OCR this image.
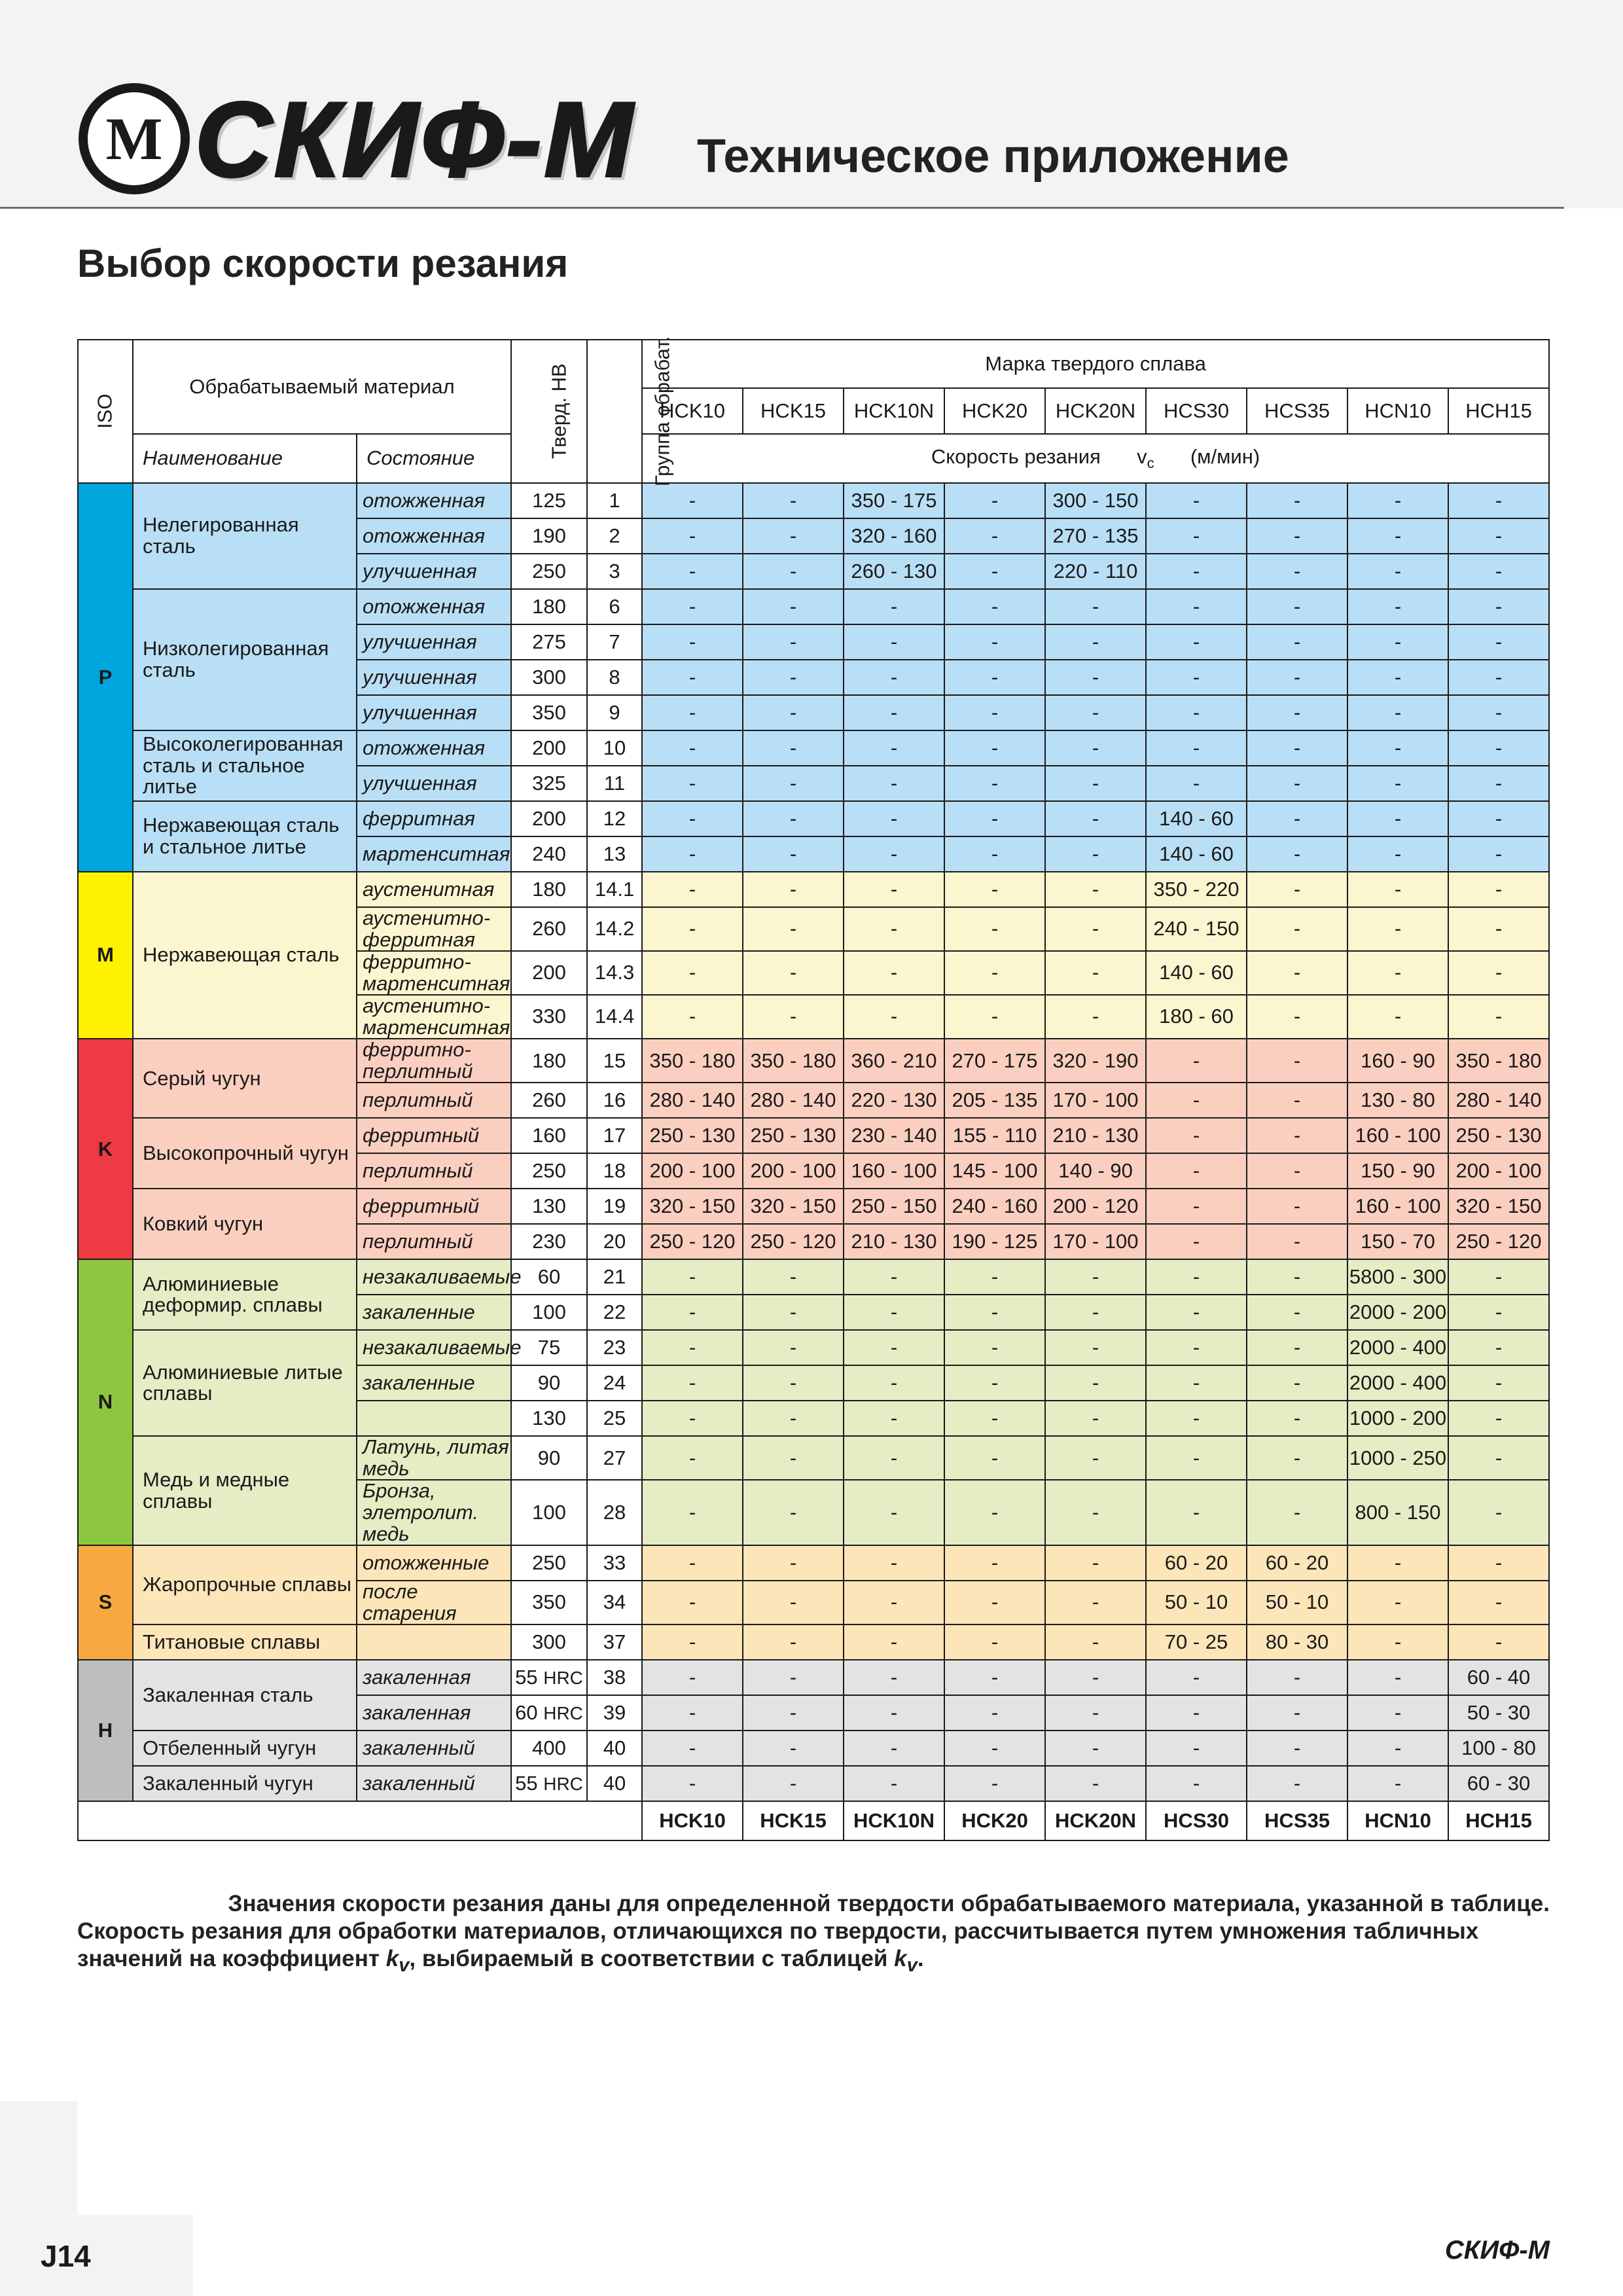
M СКИФ-М Техническое приложение
Выбор скорости резания
ISO	Обрабатываемый материал		Тверд. HB	Группа обрабат.	Марка твердого сплава								
					HCK10	HCK15	HCK10N	HCK20	HCK20N	HCS30	HCS35	HCN10	HCH15
	Наименование	Состояние			Скорость резания $v_c$ (м/мин)								
P	Нелегированная сталь	отожженная	125	1	-	-	350 - 175	-	300 - 150	-	-	-	-
		отожженная	190	2	-	-	320 - 160	-	270 - 135	-	-	-	-
		улучшенная	250	3	-	-	260 - 130	-	220 - 110	-	-	-	-
	Низколегированная сталь	отожженная	180	6	-	-	-	-	-	-	-	-	-
		улучшенная	275	7	-	-	-	-	-	-	-	-	-
		улучшенная	300	8	-	-	-	-	-	-	-	-	-
		улучшенная	350	9	-	-	-	-	-	-	-	-	-
	Высоколегированная сталь и стальное литье	отожженная	200	10	-	-	-	-	-	-	-	-	-
		улучшенная	325	11	-	-	-	-	-	-	-	-	-
	Нержавеющая сталь и стальное литье	ферритная	200	12	-	-	-	-	-	140 - 60	-	-	-
		мартенситная	240	13	-	-	-	-	-	140 - 60	-	-	-
M	Нержавеющая сталь	аустенитная	180	14.1	-	-	-	-	-	350 - 220	-	-	-
		аустенитно-ферритная	260	14.2	-	-	-	-	-	240 - 150	-	-	-
		ферритно-мартенситная	200	14.3	-	-	-	-	-	140 - 60	-	-	-
		аустенитно-мартенситная	330	14.4	-	-	-	-	-	180 - 60	-	-	-
K	Серый чугун	ферритно-перлитный	180	15	350 - 180	350 - 180	360 - 210	270 - 175	320 - 190	-	-	160 - 90	350 - 180
		перлитный	260	16	280 - 140	280 - 140	220 - 130	205 - 135	170 - 100	-	-	130 - 80	280 - 140
	Высокопрочный чугун	ферритный	160	17	250 - 130	250 - 130	230 - 140	155 - 110	210 - 130	-	-	160 - 100	250 - 130
		перлитный	250	18	200 - 100	200 - 100	160 - 100	145 - 100	140 - 90	-	-	150 - 90	200 - 100
	Ковкий чугун	ферритный	130	19	320 - 150	320 - 150	250 - 150	240 - 160	200 - 120	-	-	160 - 100	320 - 150
		перлитный	230	20	250 - 120	250 - 120	210 - 130	190 - 125	170 - 100	-	-	150 - 70	250 - 120
N	Алюминиевые деформир. сплавы	незакаливаемые	60	21	-	-	-	-	-	-	-	5800 - 300	-
		закаленные	100	22	-	-	-	-	-	-	-	2000 - 200	-
	Алюминиевые литые сплавы	незакаливаемые	75	23	-	-	-	-	-	-	-	2000 - 400	-
		закаленные	90	24	-	-	-	-	-	-	-	2000 - 400	-
			130	25	-	-	-	-	-	-	-	1000 - 200	-
	Медь и медные сплавы	Латунь, литая медь	90	27	-	-	-	-	-	-	-	1000 - 250	-
		Бронза, элетролит. медь	100	28	-	-	-	-	-	-	-	800 - 150	-
S	Жаропрочные сплавы	отожженные	250	33	-	-	-	-	-	60 - 20	60 - 20	-	-
		после старения	350	34	-	-	-	-	-	50 - 10	50 - 10	-	-
	Титановые сплавы		300	37	-	-	-	-	-	70 - 25	80 - 30	-	-
H	Закаленная сталь	закаленная	55 HRC	38	-	-	-	-	-	-	-	-	60 - 40
		закаленная	60 HRC	39	-	-	-	-	-	-	-	-	50 - 30
	Отбеленный чугун	закаленный	400	40	-	-	-	-	-	-	-	-	100 - 80
	Закаленный чугун	закаленный	55 HRC	40	-	-	-	-	-	-	-	-	60 - 30
					HCK10	HCK15	HCK10N	HCK20	HCK20N	HCS30	HCS35	HCN10	HCH15

Значения скорости резания даны для определенной твердости обрабатываемого материала, указанной в таблице.

Скорость резания для обработки материалов, отличающихся по твердости, рассчитывается путем умножения табличных

значений на коэффициент $k_v$, выбираемый в соответствии с таблицей $k_v$.

J14	СКИФ-М
